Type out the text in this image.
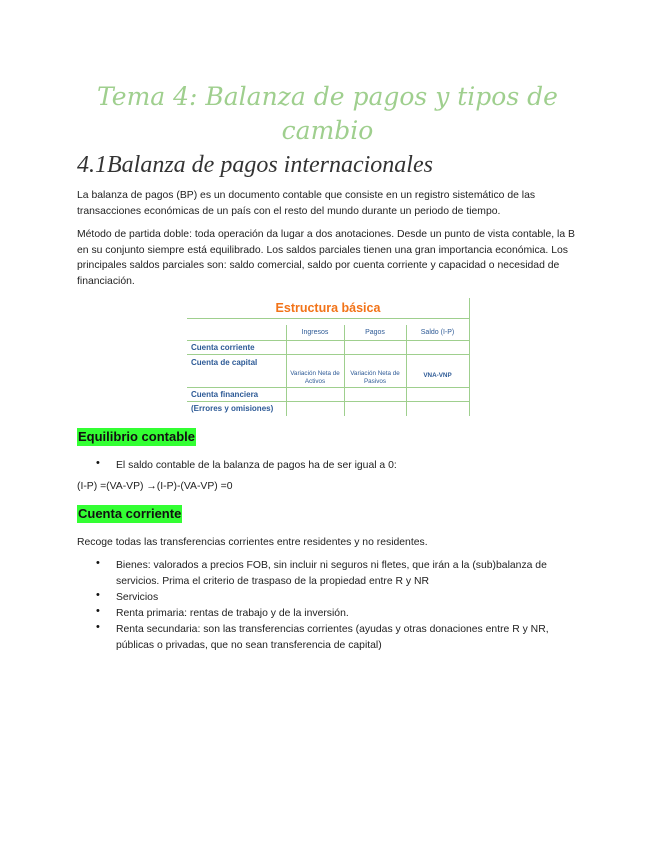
Tema 4: Balanza de pagos y tipos de cambio
4.1Balanza de pagos internacionales
La balanza de pagos (BP) es un documento contable que consiste en un registro sistemático de las transacciones económicas de un país con el resto del mundo durante un periodo de tiempo.
Método de partida doble: toda operación da lugar a dos anotaciones. Desde un punto de vista contable, la B en su conjunto siempre está equilibrado. Los saldos parciales tienen una gran importancia económica. Los principales saldos parciales son: saldo comercial, saldo por cuenta corriente y capacidad o necesidad de financiación.
Estructura básica
Ingresos	Pagos	Saldo (I-P)
Cuenta corriente
Cuenta de capital
Cuenta financiera
(Errores y omisiones)
Variación Neta de Activos
Variación Neta de Pasivos
VNA-VNP
Equilibrio contable
• El saldo contable de la balanza de pagos ha de ser igual a 0:
(I-P) =(VA-VP) →(I-P)-(VA-VP) =0
Cuenta corriente
Recoge todas las transferencias corrientes entre residentes y no residentes.
• Bienes: valorados a precios FOB, sin incluir ni seguros ni fletes, que irán a la (sub)balanza de servicios. Prima el criterio de traspaso de la propiedad entre R y NR
• Servicios
• Renta primaria: rentas de trabajo y de la inversión.
• Renta secundaria: son las transferencias corrientes (ayudas y otras donaciones entre R y NR, públicas o privadas, que no sean transferencia de capital)
